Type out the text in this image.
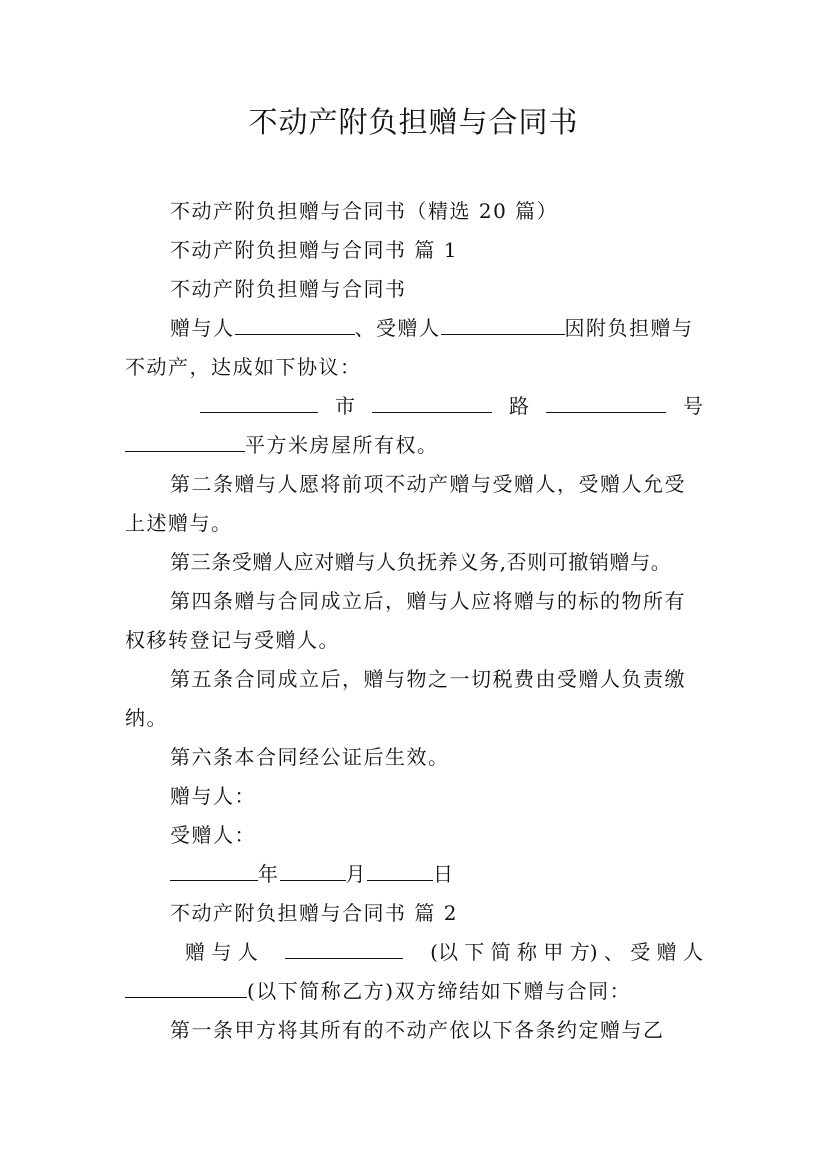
不动产附负担赠与合同书
不动产附负担赠与合同书（精选 20 篇）
不动产附负担赠与合同书 篇 1
不动产附负担赠与合同书
赠与人	、受赠人	因附负担赠与
不动产，达成如下协议：
市	路	号
平方米房屋所有权。
第二条赠与人愿将前项不动产赠与受赠人，受赠人允受
上述赠与。
第三条受赠人应对赠与人负抚养义务,否则可撤销赠与。
第四条赠与合同成立后，赠与人应将赠与的标的物所有
权移转登记与受赠人。
第五条合同成立后，赠与物之一切税费由受赠人负责缴
纳。
第六条本合同经公证后生效。
赠与人：
受赠人：
年	月	日
不动产附负担赠与合同书 篇 2
赠 与 人	(以 下 简 称 甲 方) 、 受 赠 人
(以下简称乙方)双方缔结如下赠与合同：
第一条甲方将其所有的不动产依以下各条约定赠与乙
